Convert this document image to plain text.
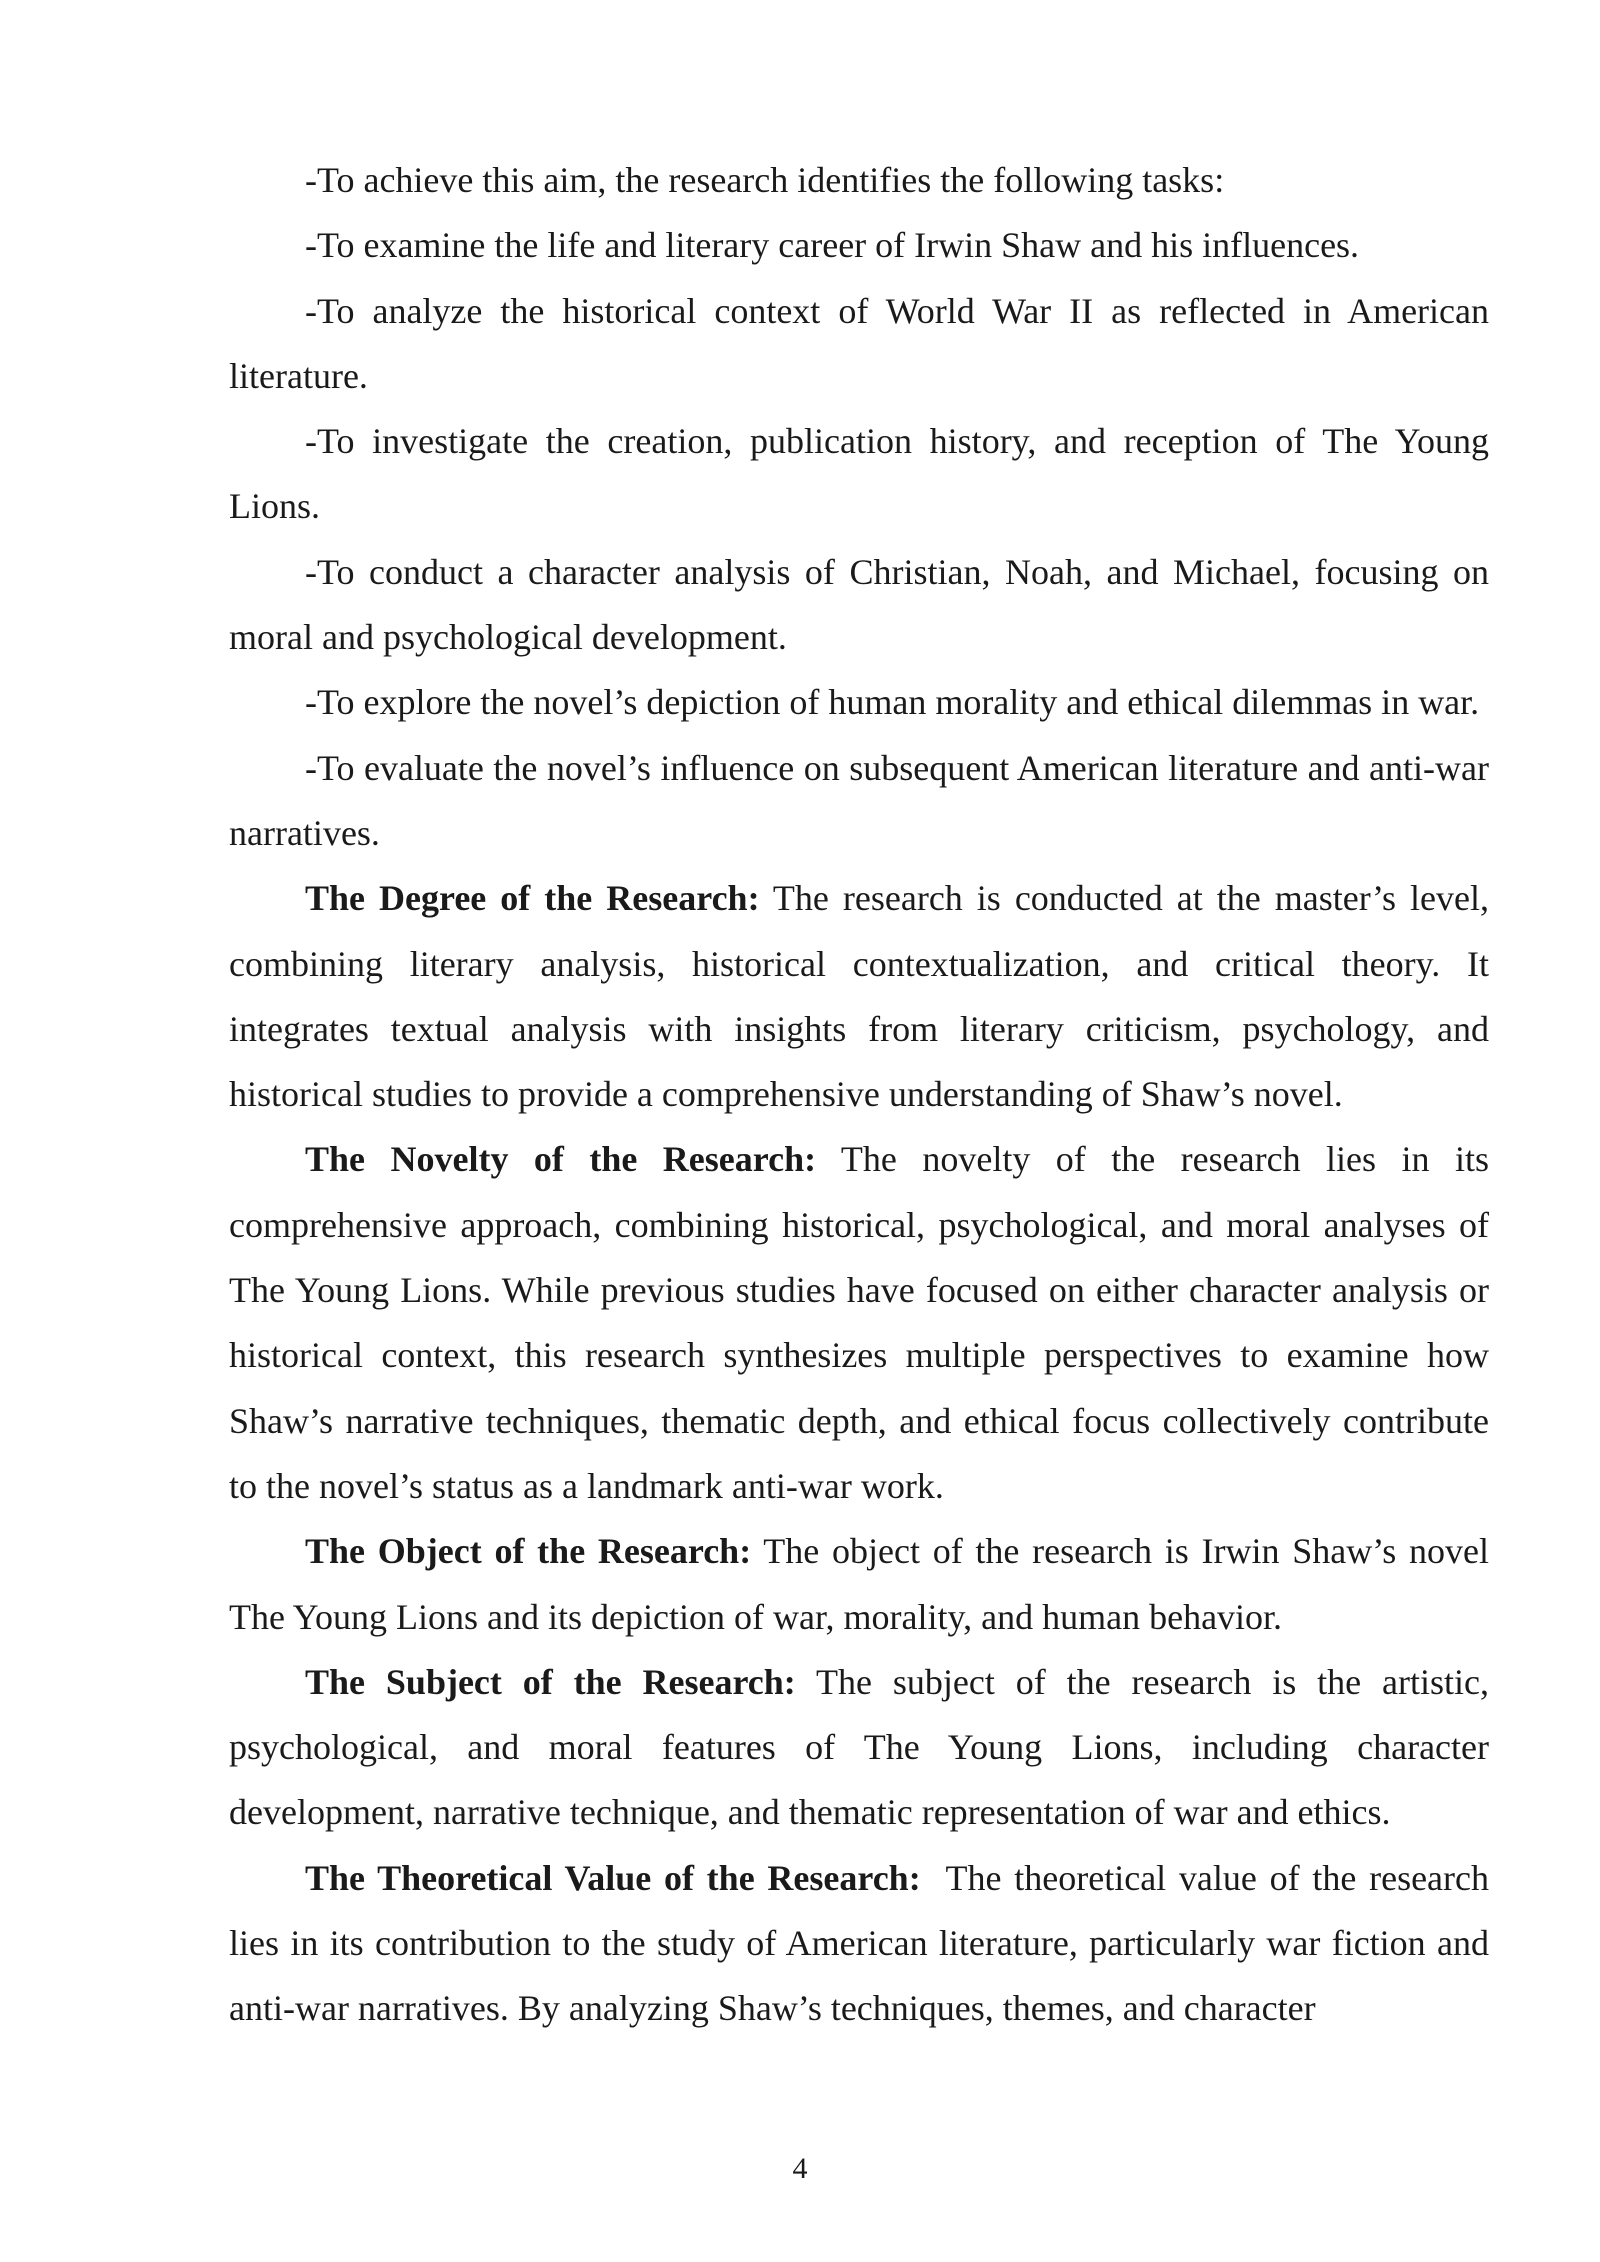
-To achieve this aim, the research identifies the following tasks:

-To examine the life and literary career of Irwin Shaw and his influences.

-To analyze the historical context of World War II as reflected in American literature.

-To investigate the creation, publication history, and reception of The Young Lions.

-To conduct a character analysis of Christian, Noah, and Michael, focusing on moral and psychological development.

-To explore the novel’s depiction of human morality and ethical dilemmas in war.

-To evaluate the novel’s influence on subsequent American literature and anti-war narratives.

The Degree of the Research: The research is conducted at the master’s level, combining literary analysis, historical contextualization, and critical theory. It integrates textual analysis with insights from literary criticism, psychology, and historical studies to provide a comprehensive understanding of Shaw’s novel.

The Novelty of the Research: The novelty of the research lies in its comprehensive approach, combining historical, psychological, and moral analyses of The Young Lions. While previous studies have focused on either character analysis or historical context, this research synthesizes multiple perspectives to examine how Shaw’s narrative techniques, thematic depth, and ethical focus collectively contribute to the novel’s status as a landmark anti-war work.

The Object of the Research: The object of the research is Irwin Shaw’s novel The Young Lions and its depiction of war, morality, and human behavior.

The Subject of the Research: The subject of the research is the artistic, psychological, and moral features of The Young Lions, including character development, narrative technique, and thematic representation of war and ethics.

The Theoretical Value of the Research:  The theoretical value of the research lies in its contribution to the study of American literature, particularly war fiction and anti-war narratives. By analyzing Shaw’s techniques, themes, and character

4
